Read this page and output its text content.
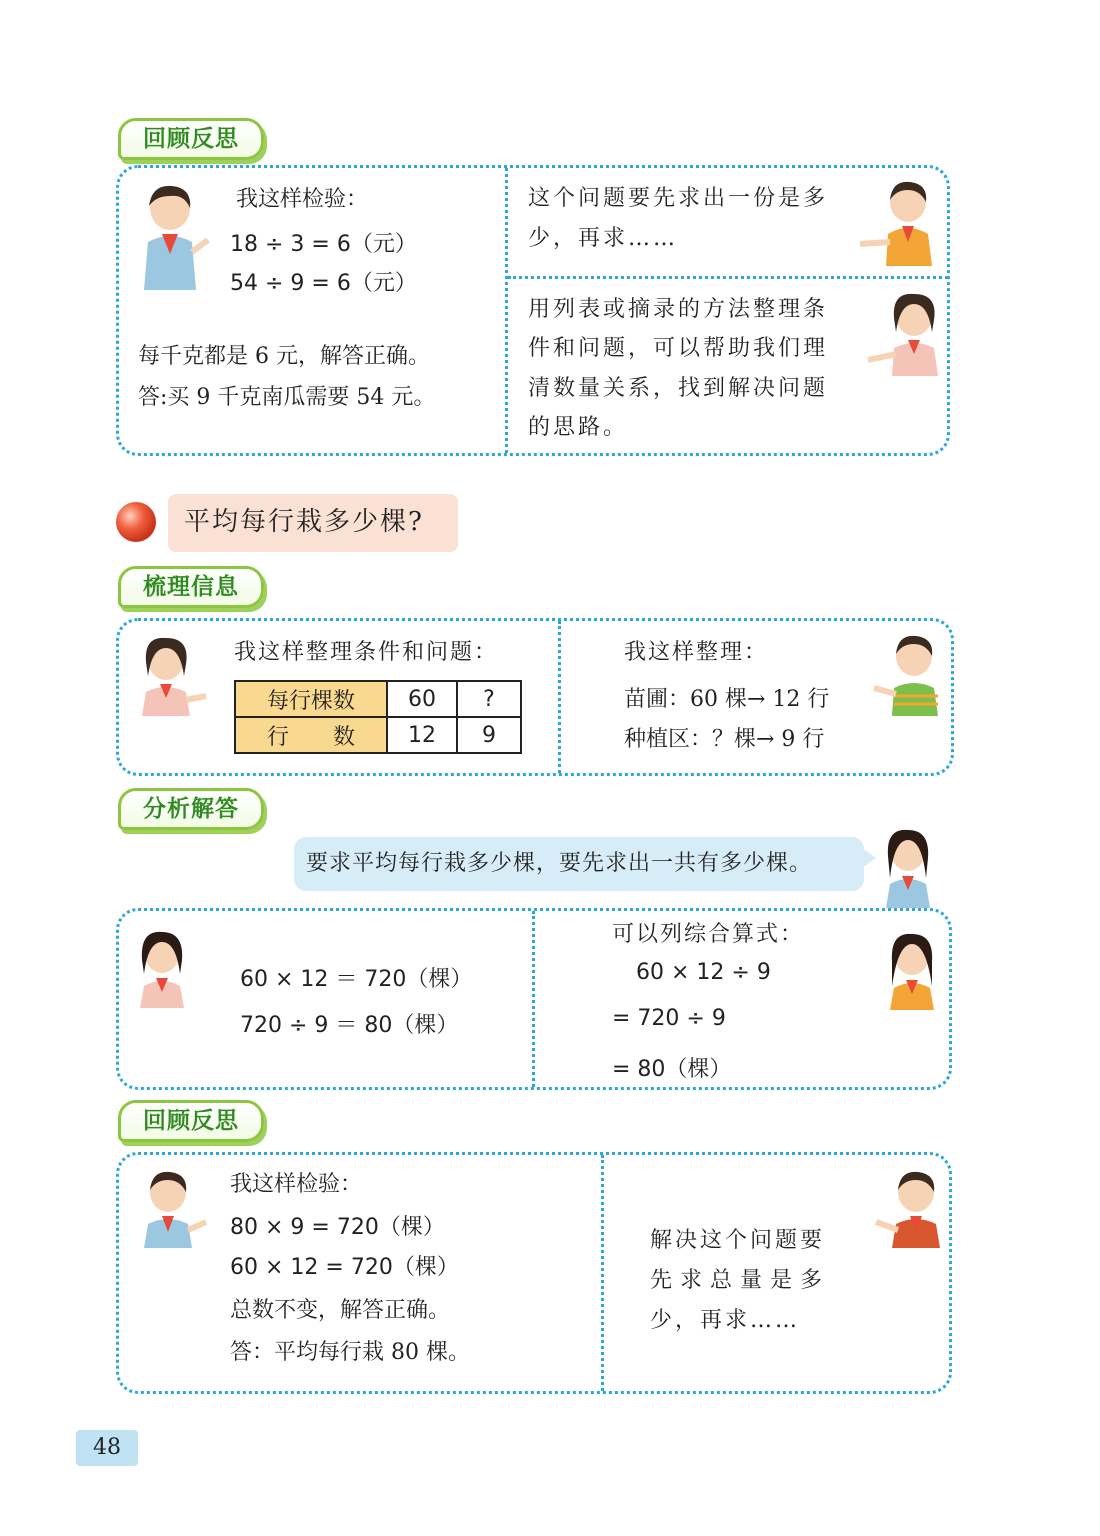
回顾反思
我这样检验：
18 ÷ 3 = 6（元）
54 ÷ 9 = 6（元）
每千克都是 6 元，解答正确。
答:买 9 千克南瓜需要 54 元。
这个问题要先求出一份是多
少，再求……
用列表或摘录的方法整理条
件和问题，可以帮助我们理
清数量关系，找到解决问题
的思路。
平均每行栽多少棵?
梳理信息
我这样整理条件和问题：
每行棵数	60	?
行　　数	12	9
我这样整理：
苗圃：60 棵→ 12 行
种植区：？棵→ 9 行
分析解答
要求平均每行栽多少棵，要先求出一共有多少棵。
60 × 12 ＝ 720（棵）
720 ÷ 9 ＝ 80（棵）
可以列综合算式：
60 × 12 ÷ 9
= 720 ÷ 9
= 80（棵）
回顾反思
我这样检验：
80 × 9 = 720（棵）
60 × 12 = 720（棵）
总数不变，解答正确。
答：平均每行栽 80 棵。
解决这个问题要
先求总量是多
少，再求……
48
